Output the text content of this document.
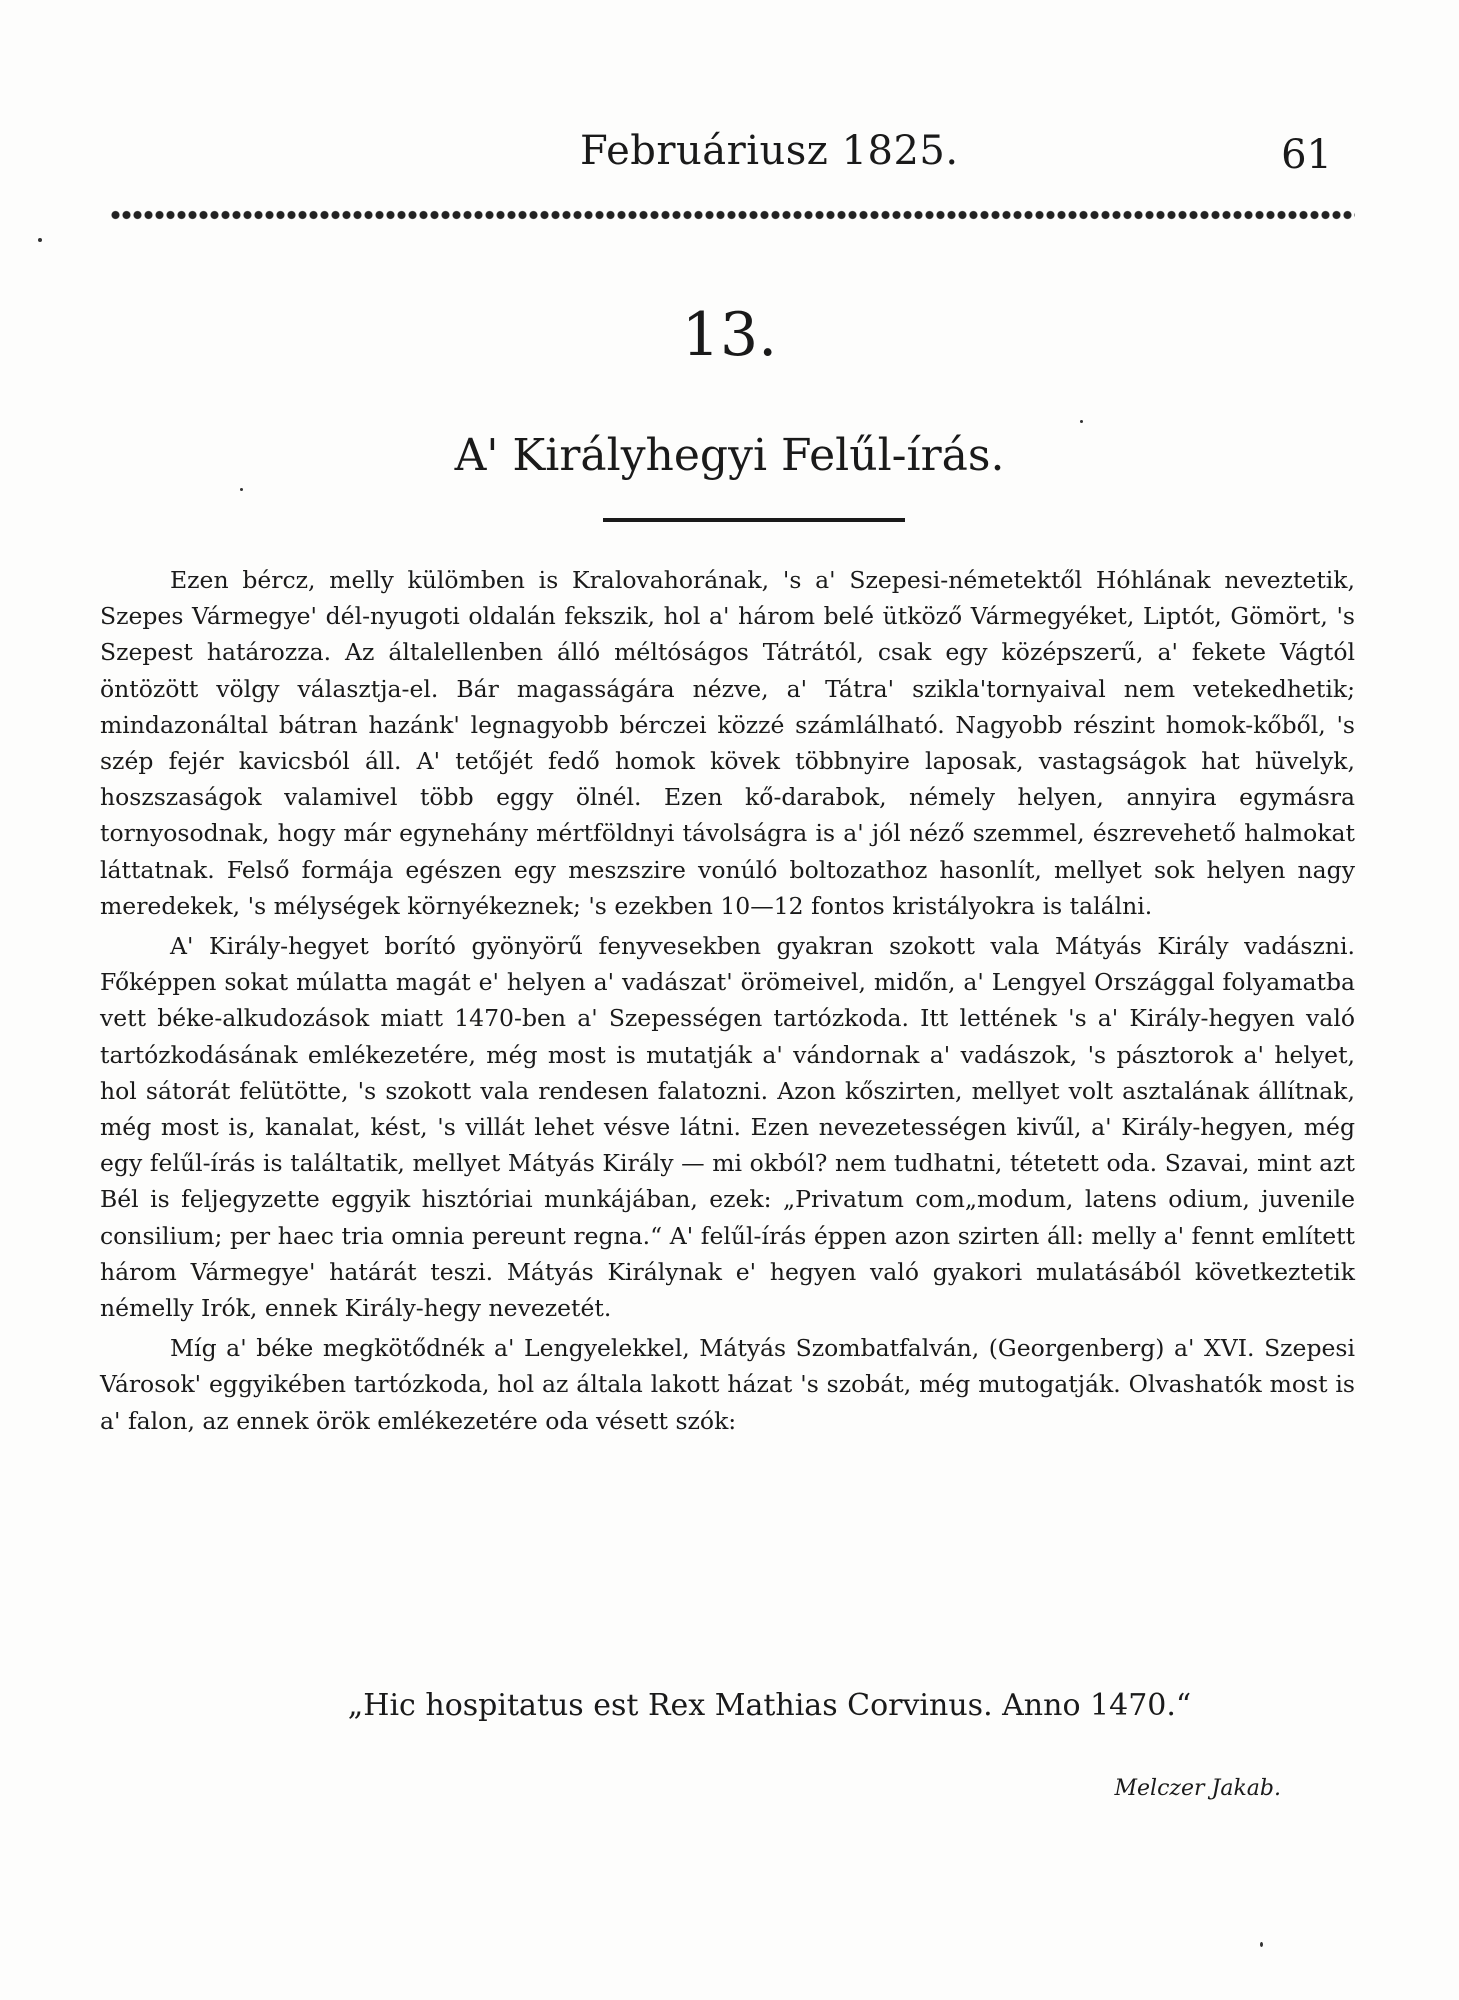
Februáriusz 1825.	61
13.
A' Királyhegyi Felűl-írás.

Ezen bércz, melly külömben is Kralovahorának, 's a' Szepesi-németektől Hóhlának neveztetik, Szepes Vármegye' dél-nyugoti oldalán fekszik, hol a' három belé ütköző Vármegyéket, Liptót, Gömört, 's Szepest határozza. Az általellenben álló méltóságos Tátrától, csak egy középszerű, a' fekete Vágtól öntözött völgy választja-el. Bár magasságára nézve, a' Tátra' szikla'tornyaival nem vetekedhetik; mindazonáltal bátran hazánk' legnagyobb bérczei közzé számlálható. Nagyobb részint homok-kőből, 's szép fejér kavicsból áll. A' tetőjét fedő homok kövek többnyire laposak, vastagságok hat hüvelyk, hoszszaságok valamivel több eggy ölnél. Ezen kő-darabok, némely helyen, annyira egymásra tornyosodnak, hogy már egynehány mértföldnyi távolságra is a' jól néző szemmel, észrevehető halmokat láttatnak. Felső formája egészen egy meszszire vonúló boltozathoz hasonlít, mellyet sok helyen nagy meredekek, 's mélységek környékeznek; 's ezekben 10—12 fontos kristályokra is találni.

A' Király-hegyet borító gyönyörű fenyvesekben gyakran szokott vala Mátyás Király vadászni. Főképpen sokat múlatta magát e' helyen a' vadászat' örömeivel, midőn, a' Lengyel Országgal folyamatba vett béke-alkudozások miatt 1470-ben a' Szepességen tartózkoda. Itt lettének 's a' Király-hegyen való tartózkodásának emlékezetére, még most is mutatják a' vándornak a' vadászok, 's pásztorok a' helyet, hol sátorát felütötte, 's szokott vala rendesen falatozni. Azon kőszirten, mellyet volt asztalának állítnak, még most is, kanalat, kést, 's villát lehet vésve látni. Ezen nevezetességen kivűl, a' Király-hegyen, még egy felűl-írás is találtatik, mellyet Mátyás Király — mi okból? nem tudhatni, tétetett oda. Szavai, mint azt Bél is feljegyzette eggyik hisztóriai munkájában, ezek: „Privatum com„modum, latens odium, juvenile consilium; per haec tria omnia pereunt regna.“ A' felűl-írás éppen azon szirten áll: melly a' fennt említett három Vármegye' határát teszi. Mátyás Királynak e' hegyen való gyakori mulatásából következtetik némelly Irók, ennek Király-hegy nevezetét.

Míg a' béke megkötődnék a' Lengyelekkel, Mátyás Szombatfalván, (Georgenberg) a' XVI. Szepesi Városok' eggyikében tartózkoda, hol az általa lakott házat 's szobát, még mutogatják. Olvashatók most is a' falon, az ennek örök emlékezetére oda vésett szók:

„Hic hospitatus est Rex Mathias Corvinus. Anno 1470.“
Melczer Jakab.
